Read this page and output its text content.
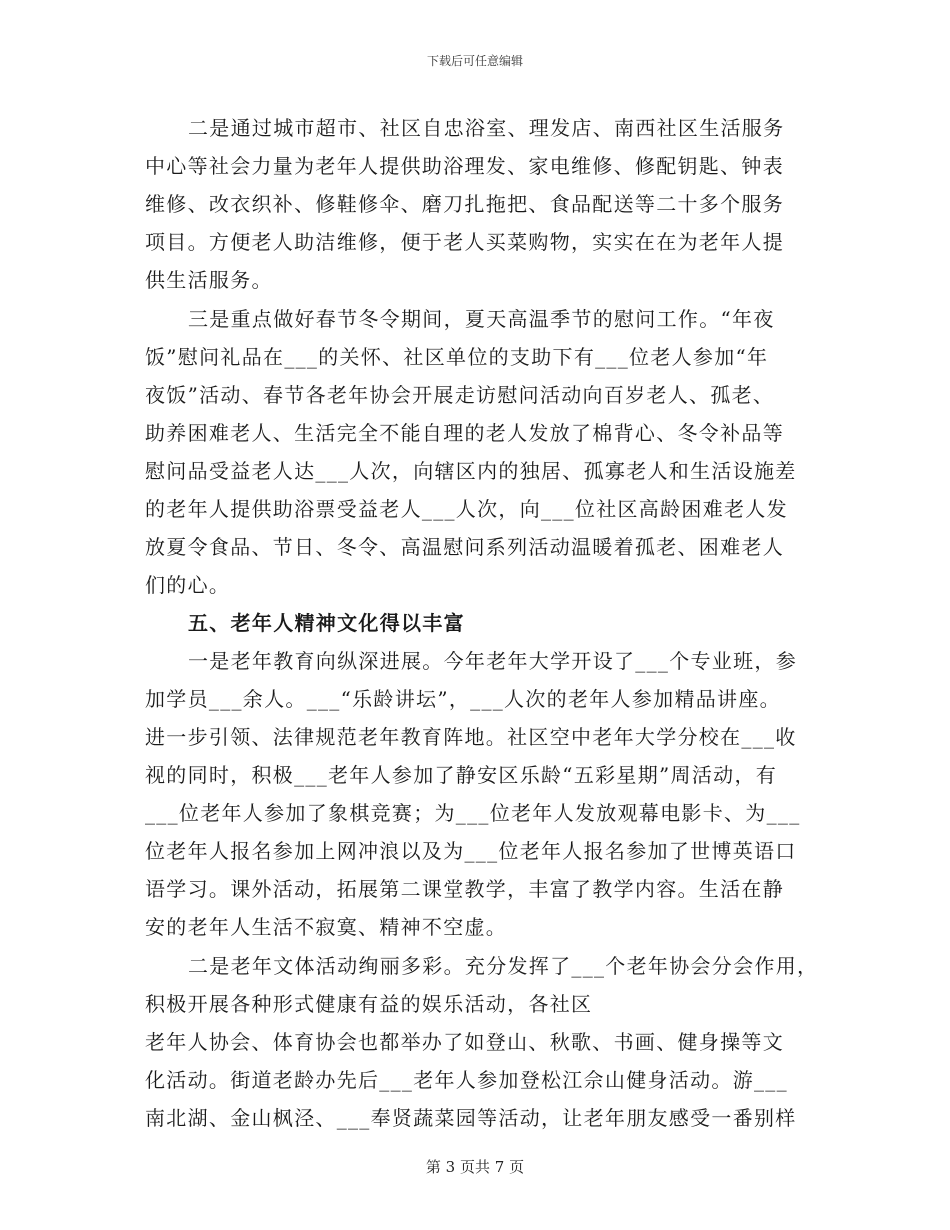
下载后可任意编辑
二是通过城市超市、社区自忠浴室、理发店、南西社区生活服务
中心等社会力量为老年人提供助浴理发、家电维修、修配钥匙、钟表
维修、改衣织补、修鞋修伞、磨刀扎拖把、食品配送等二十多个服务
项目。方便老人助洁维修，便于老人买菜购物，实实在在为老年人提
供生活服务。
三是重点做好春节冬令期间，夏天高温季节的慰问工作。“年夜
饭”慰问礼品在___的关怀、社区单位的支助下有___位老人参加“年
夜饭”活动、春节各老年协会开展走访慰问活动向百岁老人、孤老、
助养困难老人、生活完全不能自理的老人发放了棉背心、冬令补品等
慰问品受益老人达___人次，向辖区内的独居、孤寡老人和生活设施差
的老年人提供助浴票受益老人___人次，向___位社区高龄困难老人发
放夏令食品、节日、冬令、高温慰问系列活动温暖着孤老、困难老人
们的心。
五、老年人精神文化得以丰富
一是老年教育向纵深进展。今年老年大学开设了___个专业班，参
加学员___余人。___“乐龄讲坛”，___人次的老年人参加精品讲座。
进一步引领、法律规范老年教育阵地。社区空中老年大学分校在___收
视的同时，积极___老年人参加了静安区乐龄“五彩星期”周活动，有
___位老年人参加了象棋竞赛；为___位老年人发放观幕电影卡、为___
位老年人报名参加上网冲浪以及为___位老年人报名参加了世博英语口
语学习。课外活动，拓展第二课堂教学，丰富了教学内容。生活在静
安的老年人生活不寂寞、精神不空虚。
二是老年文体活动绚丽多彩。充分发挥了___个老年协会分会作用，
积极开展各种形式健康有益的娱乐活动，各社区
老年人协会、体育协会也都举办了如登山、秋歌、书画、健身操等文
化活动。街道老龄办先后___老年人参加登松江佘山健身活动。游___
南北湖、金山枫泾、___奉贤蔬菜园等活动，让老年朋友感受一番别样
第 3 页共 7 页
